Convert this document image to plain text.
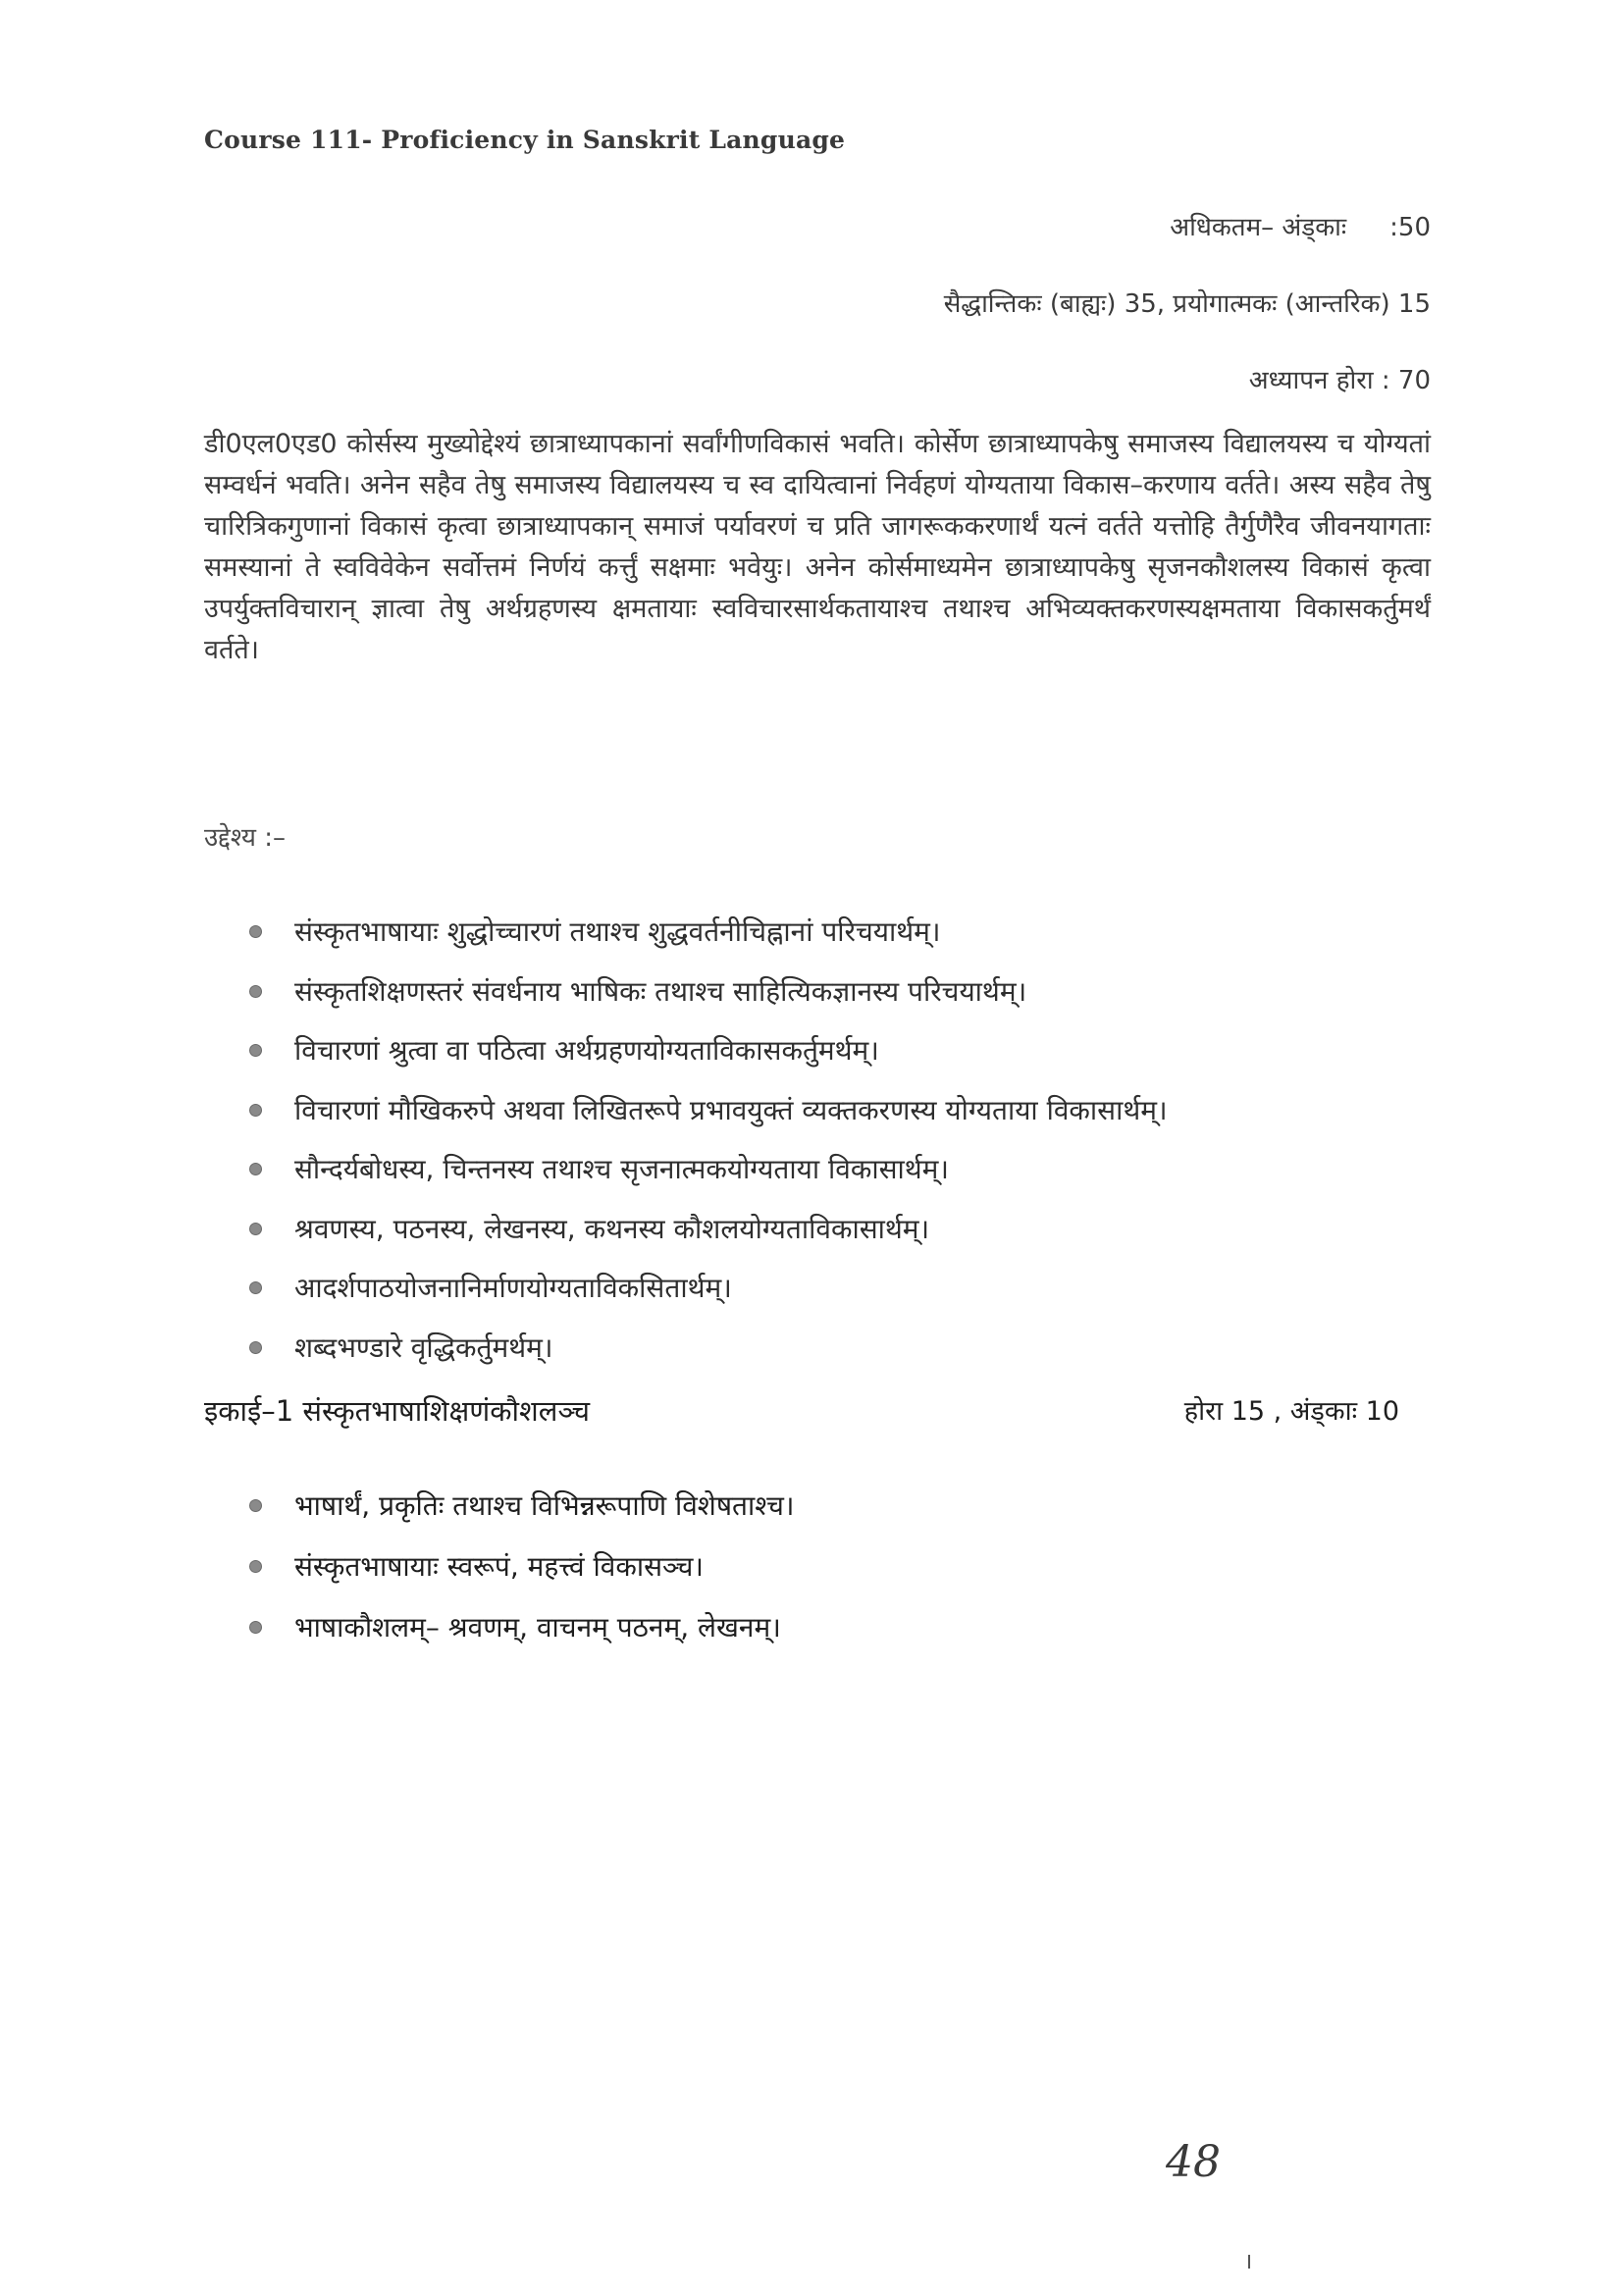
Course 111- Proficiency in Sanskrit Language
अधिकतम– अंड्काः :50
सैद्धान्तिकः (बाह्यः) 35, प्रयोगात्मकः (आन्तरिक) 15
अध्यापन होरा : 70

डी0एल0एड0 कोर्सस्य मुख्योद्देश्यं छात्राध्यापकानां सर्वांगीणविकासं भवति। कोर्सेण छात्राध्यापकेषु समाजस्य विद्यालयस्य च योग्यतां सम्वर्धनं भवति। अनेन सहैव तेषु समाजस्य विद्यालयस्य च स्व दायित्वानां निर्वहणं योग्यताया विकास–करणाय वर्तते। अस्य सहैव तेषु चारित्रिकगुणानां विकासं कृत्वा छात्राध्यापकान् समाजं पर्यावरणं च प्रति जागरूककरणार्थं यत्नं वर्तते यत्तोहि तैर्गुणैरैव जीवनयागताः समस्यानां ते स्वविवेकेन सर्वोत्तमं निर्णयं कर्त्तुं सक्षमाः भवेयुः। अनेन कोर्समाध्यमेन छात्राध्यापकेषु सृजनकौशलस्य विकासं कृत्वा उपर्युक्तविचारान् ज्ञात्वा तेषु अर्थग्रहणस्य क्षमतायाः स्वविचारसार्थकतायाश्च तथाश्च अभिव्यक्तकरणस्यक्षमताया विकासकर्तुमर्थं वर्तते।

उद्देश्य :–
संस्कृतभाषायाः शुद्धोच्चारणं तथाश्च शुद्धवर्तनीचिह्नानां परिचयार्थम्।
संस्कृतशिक्षणस्तरं संवर्धनाय भाषिकः तथाश्च साहित्यिकज्ञानस्य परिचयार्थम्।
विचारणां श्रुत्वा वा पठित्वा अर्थग्रहणयोग्यताविकासकर्तुमर्थम्।
विचारणां मौखिकरुपे अथवा लिखितरूपे प्रभावयुक्तं व्यक्तकरणस्य योग्यताया विकासार्थम्।
सौन्दर्यबोधस्य, चिन्तनस्य तथाश्च सृजनात्मकयोग्यताया विकासार्थम्।
श्रवणस्य, पठनस्य, लेखनस्य, कथनस्य कौशलयोग्यताविकासार्थम्।
आदर्शपाठयोजनानिर्माणयोग्यताविकसितार्थम्।
शब्दभण्डारे वृद्धिकर्तुमर्थम्।
इकाई–1 संस्कृतभाषाशिक्षणंकौशलञ्च	होरा 15 , अंड्काः 10
भाषार्थं, प्रकृतिः तथाश्च विभिन्नरूपाणि विशेषताश्च।
संस्कृतभाषायाः स्वरूपं, महत्त्वं विकासञ्च।
भाषाकौशलम्– श्रवणम्, वाचनम् पठनम्, लेखनम्।
48
